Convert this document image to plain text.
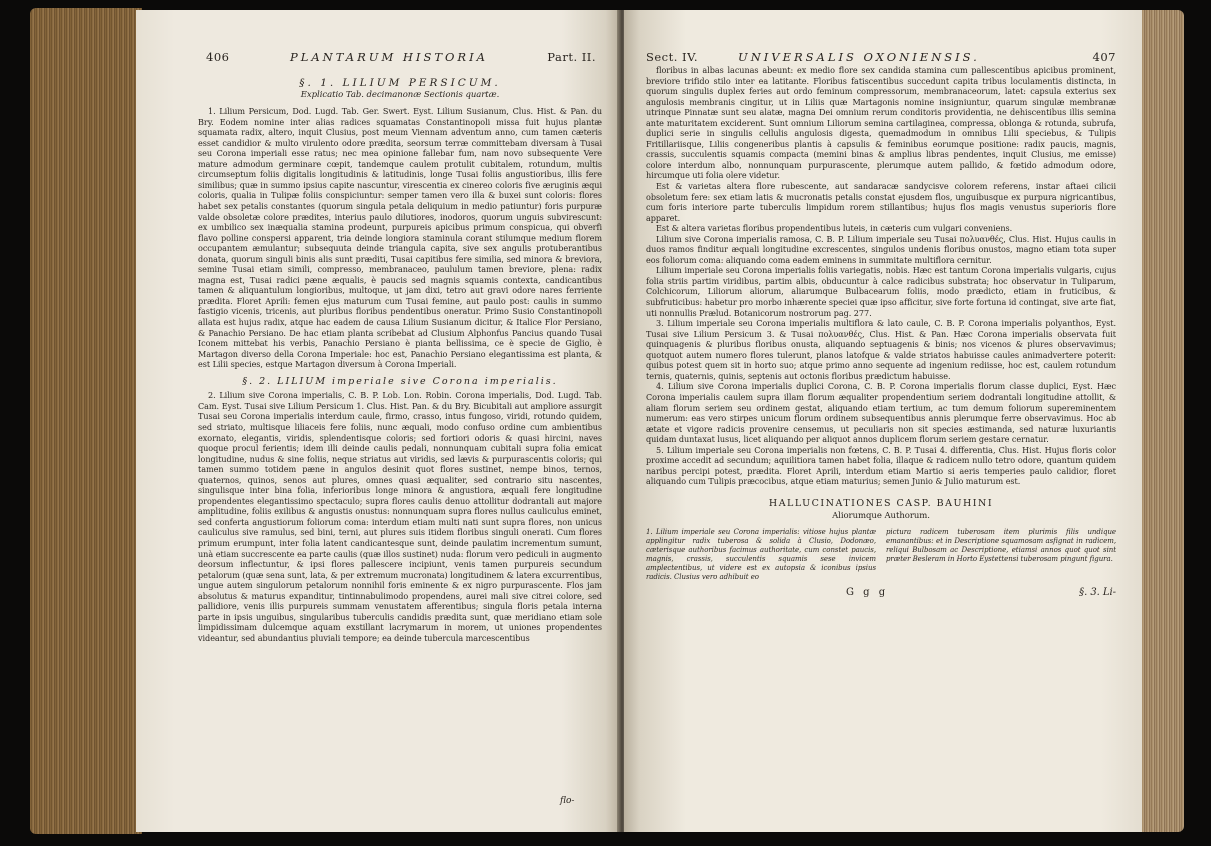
406	PLANTARUM HISTORIA	Part. II.
§. 1. LILIUM PERSICUM.
Explicatio Tab. decimanonæ Sectionis quartæ.

1. Lilium Persicum, Dod. Lugd. Tab. Ger. Swert. Eyst. Lilium Susianum, Clus. Hist. & Pan. du Bry. Eodem nomine inter alias radices squamatas Constantinopoli missa fuit hujus plantæ squamata radix, altero, inquit Clusius, post meum Viennam adventum anno, cum tamen cæteris esset candidior & multo virulento odore prædita, seorsum terræ committebam diversam à Tusai seu Corona imperiali esse ratus; nec mea opinione fallebar fum, nam novo subsequente Vere mature admodum germinare cœpit, tandemque caulem protulit cubitalem, rotundum, multis circumseptum foliis digitalis longitudinis & latitudinis, longe Tusai foliis angustioribus, illis fere similibus; quæ in summo ipsius capite nascuntur, virescentia ex cinereo coloris five æruginis æqui coloris, qualia in Tulipæ foliis conspiciuntur: semper tamen vero illa & buxei sunt coloris: flores habet sex petalis constantes (quorum singula petala deliquium in medio patiuntur) foris purpuræ valde obsoletæ colore prædites, interius paulo dilutiores, inodoros, quorum unguis subvirescunt: ex umbilico sex inæqualia stamina prodeunt, purpureis apicibus primum conspicua, qui obverfi flavo polline conspersi apparent, tria deinde longiora staminula corant stilumque medium florem occupantem æmulantur; subsequuta deinde triangula capita, sive sex angulis protuberantibus donata, quorum singuli binis alis sunt præditi, Tusai capitibus fere similia, sed minora & breviora, semine Tusai etiam simili, compresso, membranaceo, paululum tamen breviore, plena: radix magna est, Tusai radici pæne æqualis, è paucis sed magnis squamis contexta, candicantibus tamen & aliquantulum longioribus, multoque, ut jam dixi, tetro aut gravi odore nares ferriente prædita. Floret Aprili: femen ejus maturum cum Tusai femine, aut paulo post: caulis in summo fastigio vicenis, tricenis, aut pluribus floribus pendentibus oneratur. Primo Susio Constantinopoli allata est hujus radix, atque hac eadem de causa Lilium Susianum dicitur, & Italice Flor Persiano, & Panachio Persiano. De hac etiam planta scribebat ad Clusium Alphonfus Pancius quando Tusai Iconem mittebat his verbis, Panachio Persiano è pianta bellissima, ce è specie de Giglio, è Martagon diverso della Corona Imperiale: hoc est, Panachio Persiano elegantissima est planta, & est Lilii species, estque Martagon diversum à Corona Imperiali.

§. 2. LILIUM imperiale sive Corona imperialis.

2. Lilium sive Corona imperialis, C. B. P. Lob. Lon. Robin. Corona imperialis, Dod. Lugd. Tab. Cam. Eyst. Tusai sive Lilium Persicum 1. Clus. Hist. Pan. & du Bry. Bicubitali aut ampliore assurgit Tusai seu Corona imperialis interdum caule, firmo, crasso, intus fungoso, viridi, rotundo quidem, sed striato, multisque liliaceis fere foliis, nunc æquali, modo confuso ordine cum ambientibus exornato, elegantis, viridis, splendentisque coloris; sed fortiori odoris & quasi hircini, naves quoque procul ferientis; idem illi deinde caulis pedali, nonnunquam cubitali supra folia emicat longitudine, nudus & sine foliis, neque striatus aut viridis, sed lævis & purpurascentis coloris; qui tamen summo totidem pæne in angulos desinit quot flores sustinet, nempe binos, ternos, quaternos, quinos, senos aut plures, omnes quasi æqualiter, sed contrario situ nascentes, singulisque inter bina folia, inferioribus longe minora & angustiora, æquali fere longitudine propendentes elegantissimo spectaculo; supra flores caulis denuo attollitur dodrantali aut majore amplitudine, foliis exilibus & angustis onustus: nonnunquam supra flores nullus cauliculus eminet, sed conferta angustiorum foliorum coma: interdum etiam multi nati sunt supra flores, non unicus cauliculus sive ramulus, sed bini, terni, aut plures suis itidem floribus singuli onerati. Cum flores primum erumpunt, inter folia latent candicantesque sunt, deinde paulatim incrementum sumunt, unà etiam succrescente ea parte caulis (quæ illos sustinet) nuda: florum vero pediculi in augmento deorsum inflectuntur, & ipsi flores pallescere incipiunt, venis tamen purpureis secundum petalorum (quæ sena sunt, lata, & per extremum mucronata) longitudinem & latera excurrentibus, ungue autem singulorum petalorum nonnihil foris eminente & ex nigro purpurascente. Flos jam absolutus & maturus expanditur, tintinnabulimodo propendens, aurei mali sive citrei colore, sed pallidiore, venis illis purpureis summam venustatem afferentibus; singula floris petala interna parte in ipsis unguibus, singularibus tuberculis candidis prædita sunt, quæ meridiano etiam sole limpidissimam dulcemque aquam exstillant lacrymarum in morem, ut uniones propendentes videantur, sed abundantius pluviali tempore; ea deinde tubercula marcescentibus

flo-
Sect. IV.	UNIVERSALIS OXONIENSIS.	407

floribus in albas lacunas abeunt: ex medio flore sex candida stamina cum pallescentibus apicibus prominent, breviore trifido stilo inter ea latitante. Floribus fatiscentibus succedunt capita tribus loculamentis distincta, in quorum singulis duplex feries aut ordo feminum compressorum, membranaceorum, latet: capsula exterius sex angulosis membranis cingitur, ut in Liliis quæ Martagonis nomine insigniuntur, quarum singulæ membranæ utrinque Pinnatæ sunt seu alatæ, magna Dei omnium rerum conditoris providentia, ne dehiscentibus illis semina ante maturitatem exciderent. Sunt omnium Liliorum semina cartilaginea, compressa, oblonga & rotunda, subrufa, duplici serie in singulis cellulis angulosis digesta, quemadmodum in omnibus Lilii speciebus, & Tulipis Fritillariisque, Liliis congeneribus plantis à capsulis & feminibus eorumque positione: radix paucis, magnis, crassis, succulentis squamis compacta (memini binas & amplius libras pendentes, inquit Clusius, me emisse) colore interdum albo, nonnunquam purpurascente, plerumque autem pallido, & fœtido admodum odore, hircumque uti folia olere videtur.

Est & varietas altera flore rubescente, aut sandaracæ sandycisve colorem referens, instar aftaei cilicii obsoletum fere: sex etiam latis & mucronatis petalis constat ejusdem flos, unguibusque ex purpura nigricantibus, cum foris interiore parte tuberculis limpidum rorem stillantibus; hujus flos magis venustus superioris flore apparet.

Est & altera varietas floribus propendentibus luteis, in cæteris cum vulgari conveniens.

Lilium sive Corona imperialis ramosa, C. B. P. Lilium imperiale seu Tusai πολυανθές, Clus. Hist. Hujus caulis in duos ramos finditur æquali longitudine excrescentes, singulos undenis floribus onustos, magno etiam tota super eos foliorum coma: aliquando coma eadem eminens in summitate multiflora cernitur.

Lilium imperiale seu Corona imperialis foliis variegatis, nobis. Hæc est tantum Corona imperialis vulgaris, cujus folia striis partim viridibus, partim albis, obducuntur à calce radicibus substrata; hoc observatur in Tuliparum, Colchicorum, Liliorum aliorum, aliarumque Bulbacearum foliis, modo prædicto, etiam in fruticibus, & subfruticibus: habetur pro morbo inhærente speciei quæ ipso afficitur, sive forte fortuna id contingat, sive arte fiat, uti nonnullis Prælud. Botanicorum nostrorum pag. 277.

3. Lilium imperiale seu Corona imperialis multiflora & lato caule, C. B. P. Corona imperialis polyanthos, Eyst. Tusai sive Lilium Persicum 3. & Tusai πολυανθές, Clus. Hist. & Pan. Hæc Corona imperialis observata fuit quinquagenis & pluribus floribus onusta, aliquando septuagenis & binis; nos vicenos & plures observavimus; quotquot autem numero flores tulerunt, planos latofque & valde striatos habuisse caules animadvertere poterit: quibus potest quem sit in horto suo; atque primo anno sequente ad ingenium rediisse, hoc est, caulem rotundum ternis, quaternis, quinis, septenis aut octonis floribus prædictum habuisse.

4. Lilium sive Corona imperialis duplici Corona, C. B. P. Corona imperialis florum classe duplici, Eyst. Hæc Corona imperialis caulem supra illam florum æqualiter propendentium seriem dodrantali longitudine attollit, & aliam florum seriem seu ordinem gestat, aliquando etiam tertium, ac tum demum foliorum supereminentem numerum: eas vero stirpes unicum florum ordinem subsequentibus annis plerumque ferre observavimus. Hoc ab ætate et vigore radicis provenire censemus, ut peculiaris non sit species æstimanda, sed naturæ luxuriantis quidam duntaxat lusus, licet aliquando per aliquot annos duplicem florum seriem gestare cernatur.

5. Lilium imperiale seu Corona imperialis non fœtens, C. B. P. Tusai 4. differentia, Clus. Hist. Hujus floris color proxime accedit ad secundum; aquilitiora tamen habet folia, illaque & radicem nullo tetro odore, quantum quidem naribus percipi potest, prædita. Floret Aprili, interdum etiam Martio si aeris temperies paulo calidior, floret aliquando cum Tulipis præcocibus, atque etiam maturius; semen Junio & Julio maturum est.

HALLUCINATIONES CASP. BAUHINI
Aliorumque Authorum.
1. Lilium imperiale seu Corona imperialis: vitiose hujus plantæ applingitur radix tuberosa & solida à Clusio, Dodonæo, cæterisque authoribus facimus authoritate, cum constet paucis, magnis, crassis, succulentis squamis sese invicem amplectentibus, ut videre est ex autopsia & iconibus ipsius radicis. Clusius vero adhibuit eo
pictura radicem tuberosam item plurimis filis undique emanantibus: et in Descriptione squamosam asfignat in radicem, reliqui Bulbosam ac Descriptione, etiamsi annos quot quot sint præter Besleram in Horto Eystettensi tuberosam pingunt figura.
G g g	§. 3. Li-
